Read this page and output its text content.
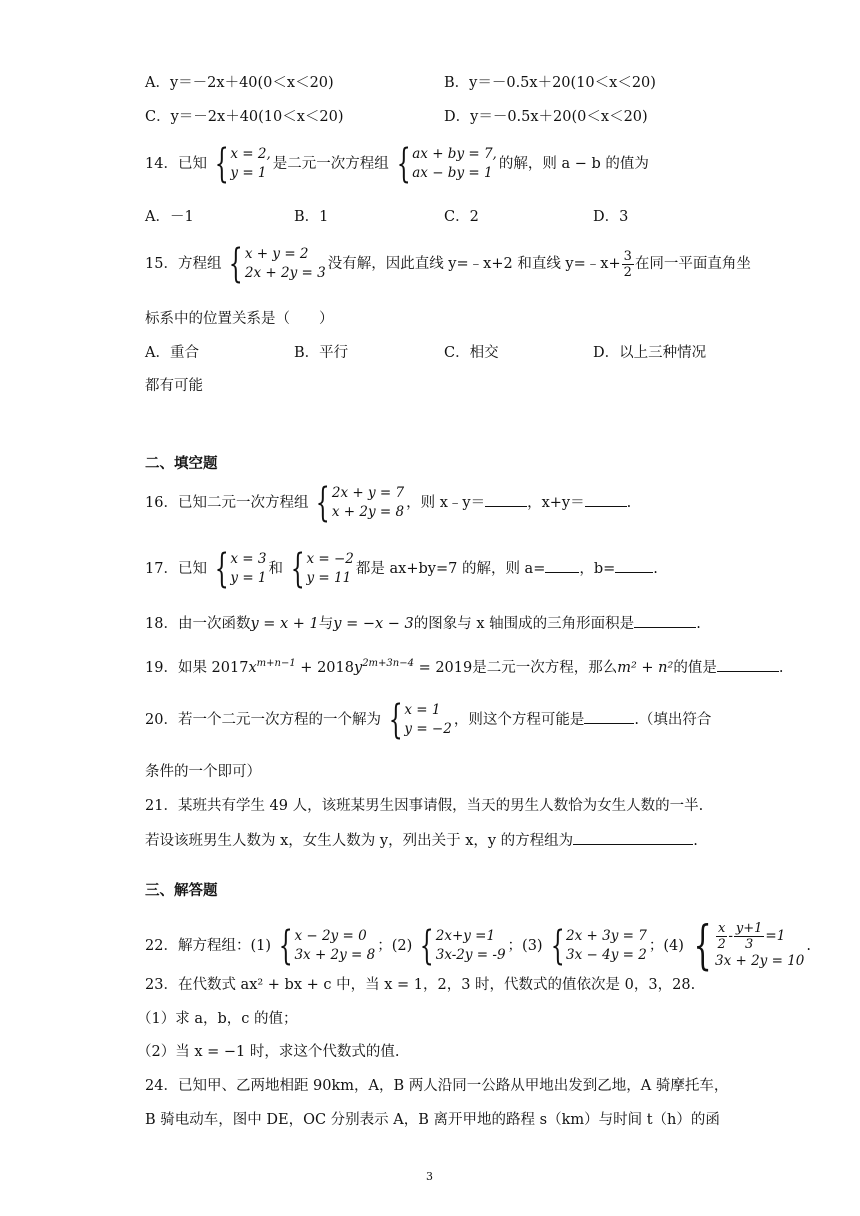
A．y＝－2x＋40(0＜x＜20)	B．y＝－0.5x＋20(10＜x＜20)
C．y＝－2x＋40(10＜x＜20)	D．y＝－0.5x＋20(0＜x＜20)
14．已知 { x = 2,
y = 1
是二元一次方程组 { ax + by = 7,
ax − by = 1
的解，则 a − b 的值为
A．－1	B．1	C．2	D．3
15．方程组 { x + y = 2
2x + 2y = 3
没有解，因此直线 y=﹣x+2 和直线 y=﹣x+ $\frac{3}{2}$ 在同一平面直角坐
标系中的位置关系是（　　）
A．重合	B．平行	C．相交	D．以上三种情况
都有可能
二、填空题
16．已知二元一次方程组 { 2x + y = 7
x + 2y = 8
，则 x﹣y＝	，x+y＝	.
17．已知 { x = 3
y = 1
和 { x = −2
y = 11
都是 ax+by=7 的解，则 a= ，b=	.
18．由一次函数y = x + 1与y = −x − 3的图象与 x 轴围成的三角形面积是	.
19．如果 $2017x^{m+n-1} + 2018y^{2m+3n-4} = 2019$是二元一次方程，那么m² + n²的值是	.
20．若一个二元一次方程的一个解为 { x = 1
y = −2
，则这个方程可能是	.（填出符合
条件的一个即可）
21．某班共有学生 49 人，该班某男生因事请假，当天的男生人数恰为女生人数的一半.
若设该班男生人数为 x，女生人数为 y，列出关于 x，y 的方程组为	.
三、解答题
22．解方程组：(1) { x − 2y = 0
3x + 2y = 8
；(2) { 2x+y =1
3x-2y = -9
；(3) { 2x + 3y = 7
3x − 4y = 2
；(4) { $\frac{x}{2} - \frac{y+1}{3} =1$
3x + 2y = 10
.
23．在代数式 ax² + bx + c 中，当 x = 1，2，3 时，代数式的值依次是 0，3，28.
（1）求 a，b，c 的值；
（2）当 x = −1 时，求这个代数式的值.
24．已知甲、乙两地相距 90km，A，B 两人沿同一公路从甲地出发到乙地，A 骑摩托车，
B 骑电动车，图中 DE，OC 分别表示 A，B 离开甲地的路程 s（km）与时间 t（h）的函
3
